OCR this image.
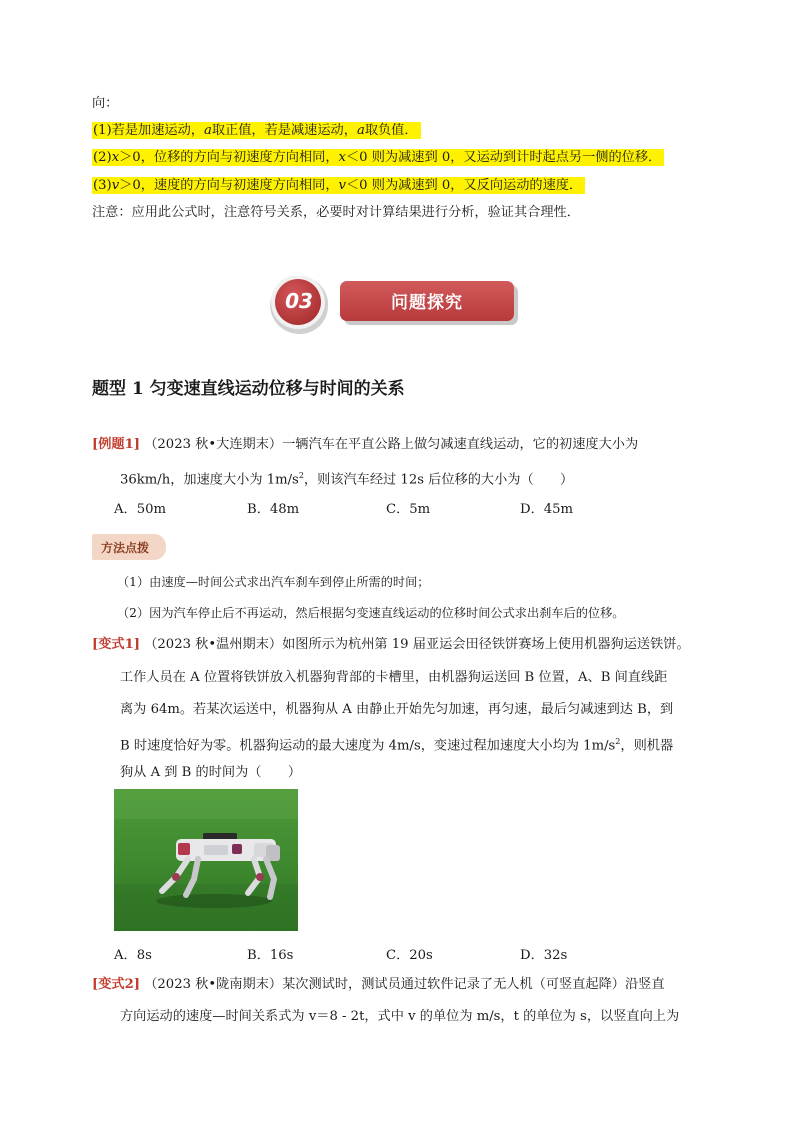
向：
(1)若是加速运动，a取正值，若是减速运动，a取负值．
(2)x＞0，位移的方向与初速度方向相同，x＜0 则为减速到 0，又运动到计时起点另一侧的位移．
(3)v＞0，速度的方向与初速度方向相同，v＜0 则为减速到 0，又反向运动的速度．
注意：应用此公式时，注意符号关系，必要时对计算结果进行分析，验证其合理性．
03	问题探究
题型 1 匀变速直线运动位移与时间的关系
[例题1] （2023 秋•大连期末）一辆汽车在平直公路上做匀减速直线运动，它的初速度大小为
36km/h，加速度大小为 $1m/s^2$，则该汽车经过 12s 后位移的大小为（　　）
A．50m	B．48m	C．5m	D．45m
方法点拨
（1）由速度—时间公式求出汽车刹车到停止所需的时间；
（2）因为汽车停止后不再运动，然后根据匀变速直线运动的位移时间公式求出刹车后的位移。
[变式1] （2023 秋•温州期末）如图所示为杭州第 19 届亚运会田径铁饼赛场上使用机器狗运送铁饼。
工作人员在 A 位置将铁饼放入机器狗背部的卡槽里，由机器狗运送回 B 位置，A、B 间直线距
离为 64m。若某次运送中，机器狗从 A 由静止开始先匀加速，再匀速，最后匀减速到达 B，到
B 时速度恰好为零。机器狗运动的最大速度为 4m/s，变速过程加速度大小均为 $1m/s^2$，则机器
狗从 A 到 B 的时间为（　　）
A．8s	B．16s	C．20s	D．32s
[变式2] （2023 秋•陇南期末）某次测试时，测试员通过软件记录了无人机（可竖直起降）沿竖直
方向运动的速度—时间关系式为 v＝8 - 2t，式中 v 的单位为 m/s，t 的单位为 s，以竖直向上为
